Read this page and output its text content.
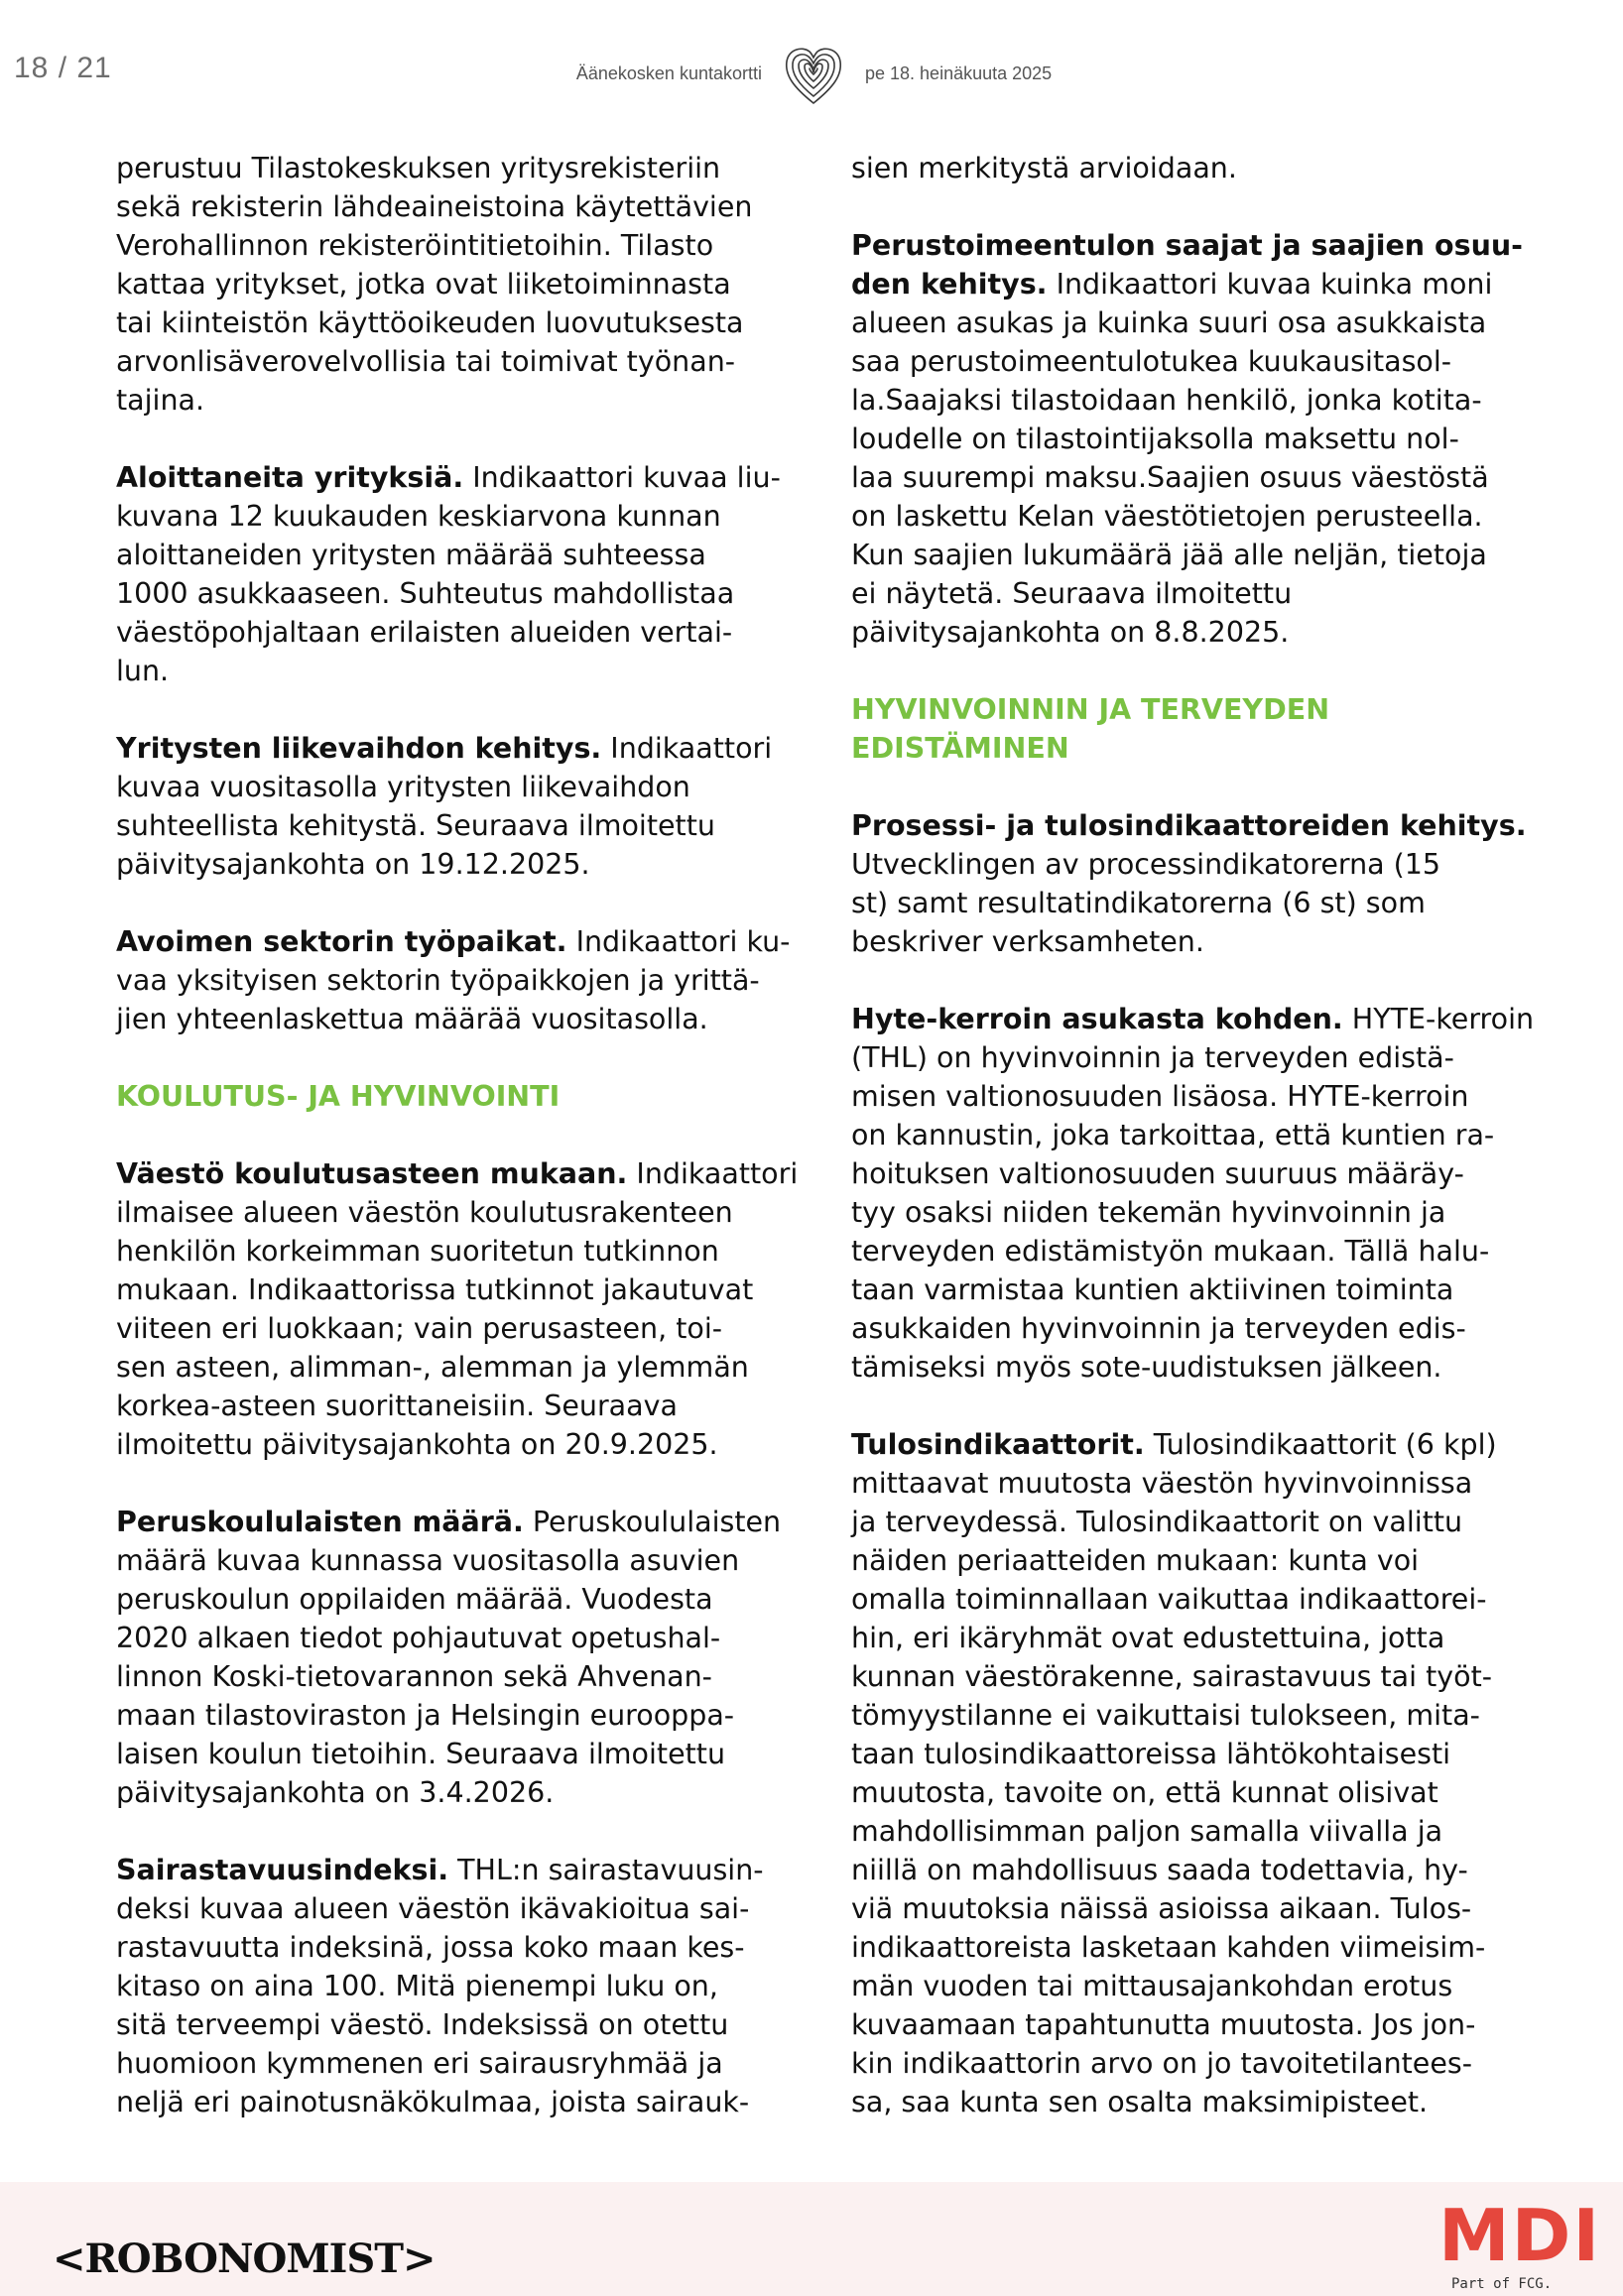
18 / 21	Äänekosken kuntakortti	pe 18. heinäkuuta 2025

perustuu Tilastokeskuksen yritysrekisteriin
sekä rekisterin lähdeaineistoina käytettävien
Verohallinnon rekisteröintitietoihin. Tilasto
kattaa yritykset, jotka ovat liiketoiminnasta
tai kiinteistön käyttöoikeuden luovutuksesta
arvonlisäverovelvollisia tai toimivat työnan-
tajina.

Aloittaneita yrityksiä. Indikaattori kuvaa liu-
kuvana 12 kuukauden keskiarvona kunnan
aloittaneiden yritysten määrää suhteessa
1000 asukkaaseen. Suhteutus mahdollistaa
väestöpohjaltaan erilaisten alueiden vertai-
lun.

Yritysten liikevaihdon kehitys. Indikaattori
kuvaa vuositasolla yritysten liikevaihdon
suhteellista kehitystä. Seuraava ilmoitettu
päivitysajankohta on 19.12.2025.

Avoimen sektorin työpaikat. Indikaattori ku-
vaa yksityisen sektorin työpaikkojen ja yrittä-
jien yhteenlaskettua määrää vuositasolla.

KOULUTUS- JA HYVINVOINTI

Väestö koulutusasteen mukaan. Indikaattori
ilmaisee alueen väestön koulutusrakenteen
henkilön korkeimman suoritetun tutkinnon
mukaan. Indikaattorissa tutkinnot jakautuvat
viiteen eri luokkaan; vain perusasteen, toi-
sen asteen, alimman-, alemman ja ylemmän
korkea-asteen suorittaneisiin. Seuraava
ilmoitettu päivitysajankohta on 20.9.2025.

Peruskoululaisten määrä. Peruskoululaisten
määrä kuvaa kunnassa vuositasolla asuvien
peruskoulun oppilaiden määrää. Vuodesta
2020 alkaen tiedot pohjautuvat opetushal-
linnon Koski-tietovarannon sekä Ahvenan-
maan tilastoviraston ja Helsingin eurooppa-
laisen koulun tietoihin. Seuraava ilmoitettu
päivitysajankohta on 3.4.2026.

Sairastavuusindeksi. THL:n sairastavuusin-
deksi kuvaa alueen väestön ikävakioitua sai-
rastavuutta indeksinä, jossa koko maan kes-
kitaso on aina 100. Mitä pienempi luku on,
sitä terveempi väestö. Indeksissä on otettu
huomioon kymmenen eri sairausryhmää ja
neljä eri painotusnäkökulmaa, joista sairauk-

sien merkitystä arvioidaan.

Perustoimeentulon saajat ja saajien osuu-
den kehitys. Indikaattori kuvaa kuinka moni
alueen asukas ja kuinka suuri osa asukkaista
saa perustoimeentulotukea kuukausitasol-
la.Saajaksi tilastoidaan henkilö, jonka kotita-
loudelle on tilastointijaksolla maksettu nol-
laa suurempi maksu.Saajien osuus väestöstä
on laskettu Kelan väestötietojen perusteella.
Kun saajien lukumäärä jää alle neljän, tietoja
ei näytetä. Seuraava ilmoitettu
päivitysajankohta on 8.8.2025.

HYVINVOINNIN JA TERVEYDEN
EDISTÄMINEN

Prosessi- ja tulosindikaattoreiden kehitys.
Utvecklingen av processindikatorerna (15
st) samt resultatindikatorerna (6 st) som
beskriver verksamheten.

Hyte-kerroin asukasta kohden. HYTE-kerroin
(THL) on hyvinvoinnin ja terveyden edistä-
misen valtionosuuden lisäosa. HYTE-kerroin
on kannustin, joka tarkoittaa, että kuntien ra-
hoituksen valtionosuuden suuruus määräy-
tyy osaksi niiden tekemän hyvinvoinnin ja
terveyden edistämistyön mukaan. Tällä halu-
taan varmistaa kuntien aktiivinen toiminta
asukkaiden hyvinvoinnin ja terveyden edis-
tämiseksi myös sote-uudistuksen jälkeen.

Tulosindikaattorit. Tulosindikaattorit (6 kpl)
mittaavat muutosta väestön hyvinvoinnissa
ja terveydessä. Tulosindikaattorit on valittu
näiden periaatteiden mukaan: kunta voi
omalla toiminnallaan vaikuttaa indikaattorei-
hin, eri ikäryhmät ovat edustettuina, jotta
kunnan väestörakenne, sairastavuus tai työt-
tömyystilanne ei vaikuttaisi tulokseen, mita-
taan tulosindikaattoreissa lähtökohtaisesti
muutosta, tavoite on, että kunnat olisivat
mahdollisimman paljon samalla viivalla ja
niillä on mahdollisuus saada todettavia, hy-
viä muutoksia näissä asioissa aikaan. Tulos-
indikaattoreista lasketaan kahden viimeisim-
män vuoden tai mittausajankohdan erotus
kuvaamaan tapahtunutta muutosta. Jos jon-
kin indikaattorin arvo on jo tavoitetilantees-
sa, saa kunta sen osalta maksimipisteet.

<ROBONOMIST>	MDI
Part of FCG.
